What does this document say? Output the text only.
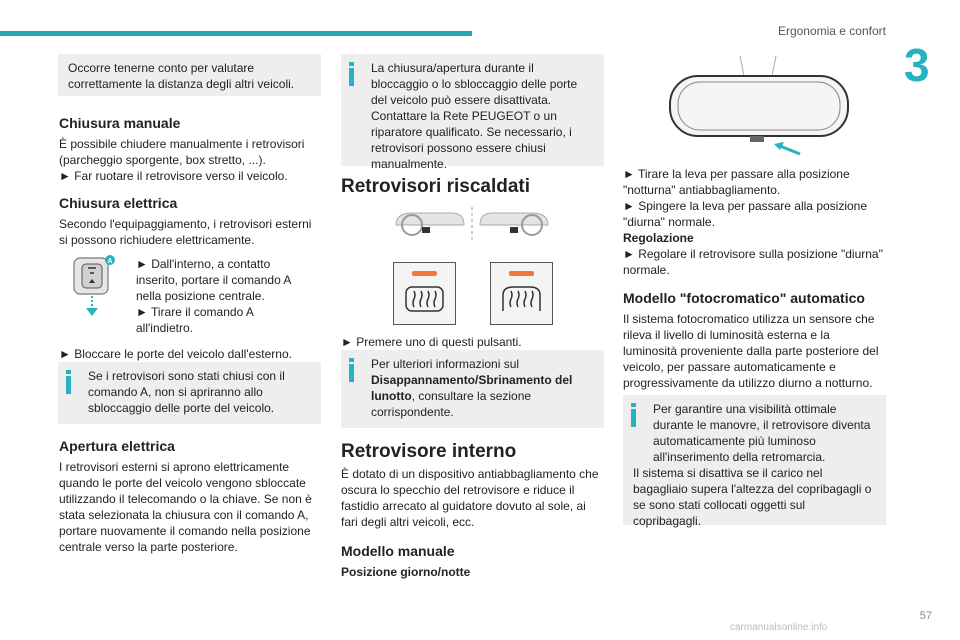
Ergonomia e confort
3
Occorre tenerne conto per valutare correttamente la distanza degli altri veicoli.
Chiusura manuale
È possibile chiudere manualmente i retrovisori (parcheggio sporgente, box stretto, ...).
► Far ruotare il retrovisore verso il veicolo.
Chiusura elettrica
Secondo l'equipaggiamento, i retrovisori esterni si possono richiudere elettricamente.
A ► Dall'interno, a contatto inserito, portare il comando A nella posizione centrale.
► Tirare il comando A all'indietro.
► Bloccare le porte del veicolo dall'esterno.
Se i retrovisori sono stati chiusi con il comando A, non si apriranno allo sbloccaggio delle porte del veicolo.
Apertura elettrica
I retrovisori esterni si aprono elettricamente quando le porte del veicolo vengono sbloccate utilizzando il telecomando o la chiave. Se non è stata selezionata la chiusura con il comando A, portare nuovamente il comando nella posizione centrale verso la parte posteriore.
La chiusura/apertura durante il bloccaggio o lo sbloccaggio delle porte del veicolo può essere disattivata. Contattare la Rete PEUGEOT o un riparatore qualificato. Se necessario, i retrovisori possono essere chiusi manualmente.
Retrovisori riscaldati
► Premere uno di questi pulsanti.
Per ulteriori informazioni sul Disappannamento/Sbrinamento del lunotto, consultare la sezione corrispondente.
Retrovisore interno
È dotato di un dispositivo antiabbagliamento che oscura lo specchio del retrovisore e riduce il fastidio arrecato al guidatore dovuto al sole, ai fari degli altri veicoli, ecc.
Modello manuale
Posizione giorno/notte
► Tirare la leva per passare alla posizione "notturna" antiabbagliamento.
► Spingere la leva per passare alla posizione "diurna" normale.
Regolazione
► Regolare il retrovisore sulla posizione "diurna" normale.
Modello "fotocromatico" automatico
Il sistema fotocromatico utilizza un sensore che rileva il livello di luminosità esterna e la luminosità proveniente dalla parte posteriore del veicolo, per passare automaticamente e progressivamente da utilizzo diurno a notturno.
Per garantire una visibilità ottimale durante le manovre, il retrovisore diventa automaticamente più luminoso all'inserimento della retromarcia.
Il sistema si disattiva se il carico nel bagagliaio supera l'altezza del copribagagli o se sono stati collocati oggetti sul copribagagli.
57
carmanualsonline.info
